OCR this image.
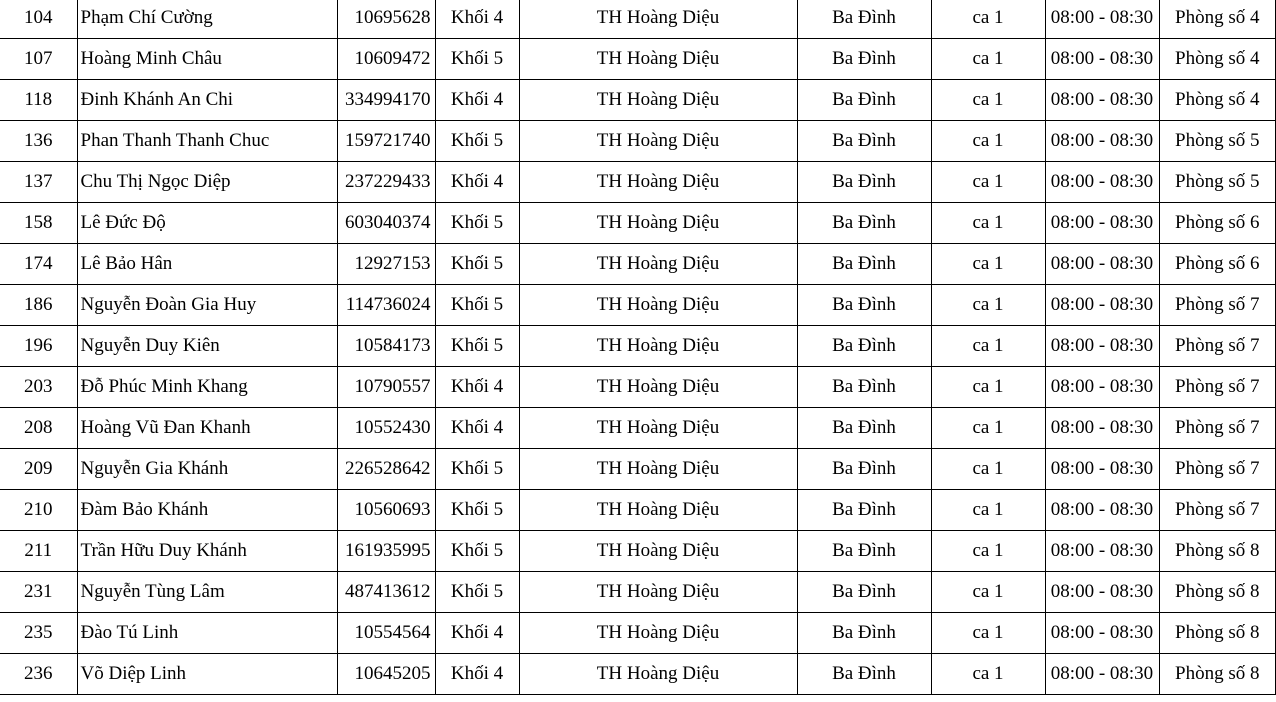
104	Phạm Chí Cường	10695628	Khối 4	TH Hoàng Diệu	Ba Đình	ca 1	08:00 - 08:30	Phòng số 4
107	Hoàng Minh Châu	10609472	Khối 5	TH Hoàng Diệu	Ba Đình	ca 1	08:00 - 08:30	Phòng số 4
118	Đinh Khánh An Chi	334994170	Khối 4	TH Hoàng Diệu	Ba Đình	ca 1	08:00 - 08:30	Phòng số 4
136	Phan Thanh Thanh Chuc	159721740	Khối 5	TH Hoàng Diệu	Ba Đình	ca 1	08:00 - 08:30	Phòng số 5
137	Chu Thị Ngọc Diệp	237229433	Khối 4	TH Hoàng Diệu	Ba Đình	ca 1	08:00 - 08:30	Phòng số 5
158	Lê Đức Độ	603040374	Khối 5	TH Hoàng Diệu	Ba Đình	ca 1	08:00 - 08:30	Phòng số 6
174	Lê Bảo Hân	12927153	Khối 5	TH Hoàng Diệu	Ba Đình	ca 1	08:00 - 08:30	Phòng số 6
186	Nguyễn Đoàn Gia Huy	114736024	Khối 5	TH Hoàng Diệu	Ba Đình	ca 1	08:00 - 08:30	Phòng số 7
196	Nguyễn Duy Kiên	10584173	Khối 5	TH Hoàng Diệu	Ba Đình	ca 1	08:00 - 08:30	Phòng số 7
203	Đỗ Phúc Minh Khang	10790557	Khối 4	TH Hoàng Diệu	Ba Đình	ca 1	08:00 - 08:30	Phòng số 7
208	Hoàng Vũ Đan Khanh	10552430	Khối 4	TH Hoàng Diệu	Ba Đình	ca 1	08:00 - 08:30	Phòng số 7
209	Nguyễn Gia Khánh	226528642	Khối 5	TH Hoàng Diệu	Ba Đình	ca 1	08:00 - 08:30	Phòng số 7
210	Đàm Bảo Khánh	10560693	Khối 5	TH Hoàng Diệu	Ba Đình	ca 1	08:00 - 08:30	Phòng số 7
211	Trần Hữu Duy Khánh	161935995	Khối 5	TH Hoàng Diệu	Ba Đình	ca 1	08:00 - 08:30	Phòng số 8
231	Nguyễn Tùng Lâm	487413612	Khối 5	TH Hoàng Diệu	Ba Đình	ca 1	08:00 - 08:30	Phòng số 8
235	Đào Tú Linh	10554564	Khối 4	TH Hoàng Diệu	Ba Đình	ca 1	08:00 - 08:30	Phòng số 8
236	Võ Diệp Linh	10645205	Khối 4	TH Hoàng Diệu	Ba Đình	ca 1	08:00 - 08:30	Phòng số 8
